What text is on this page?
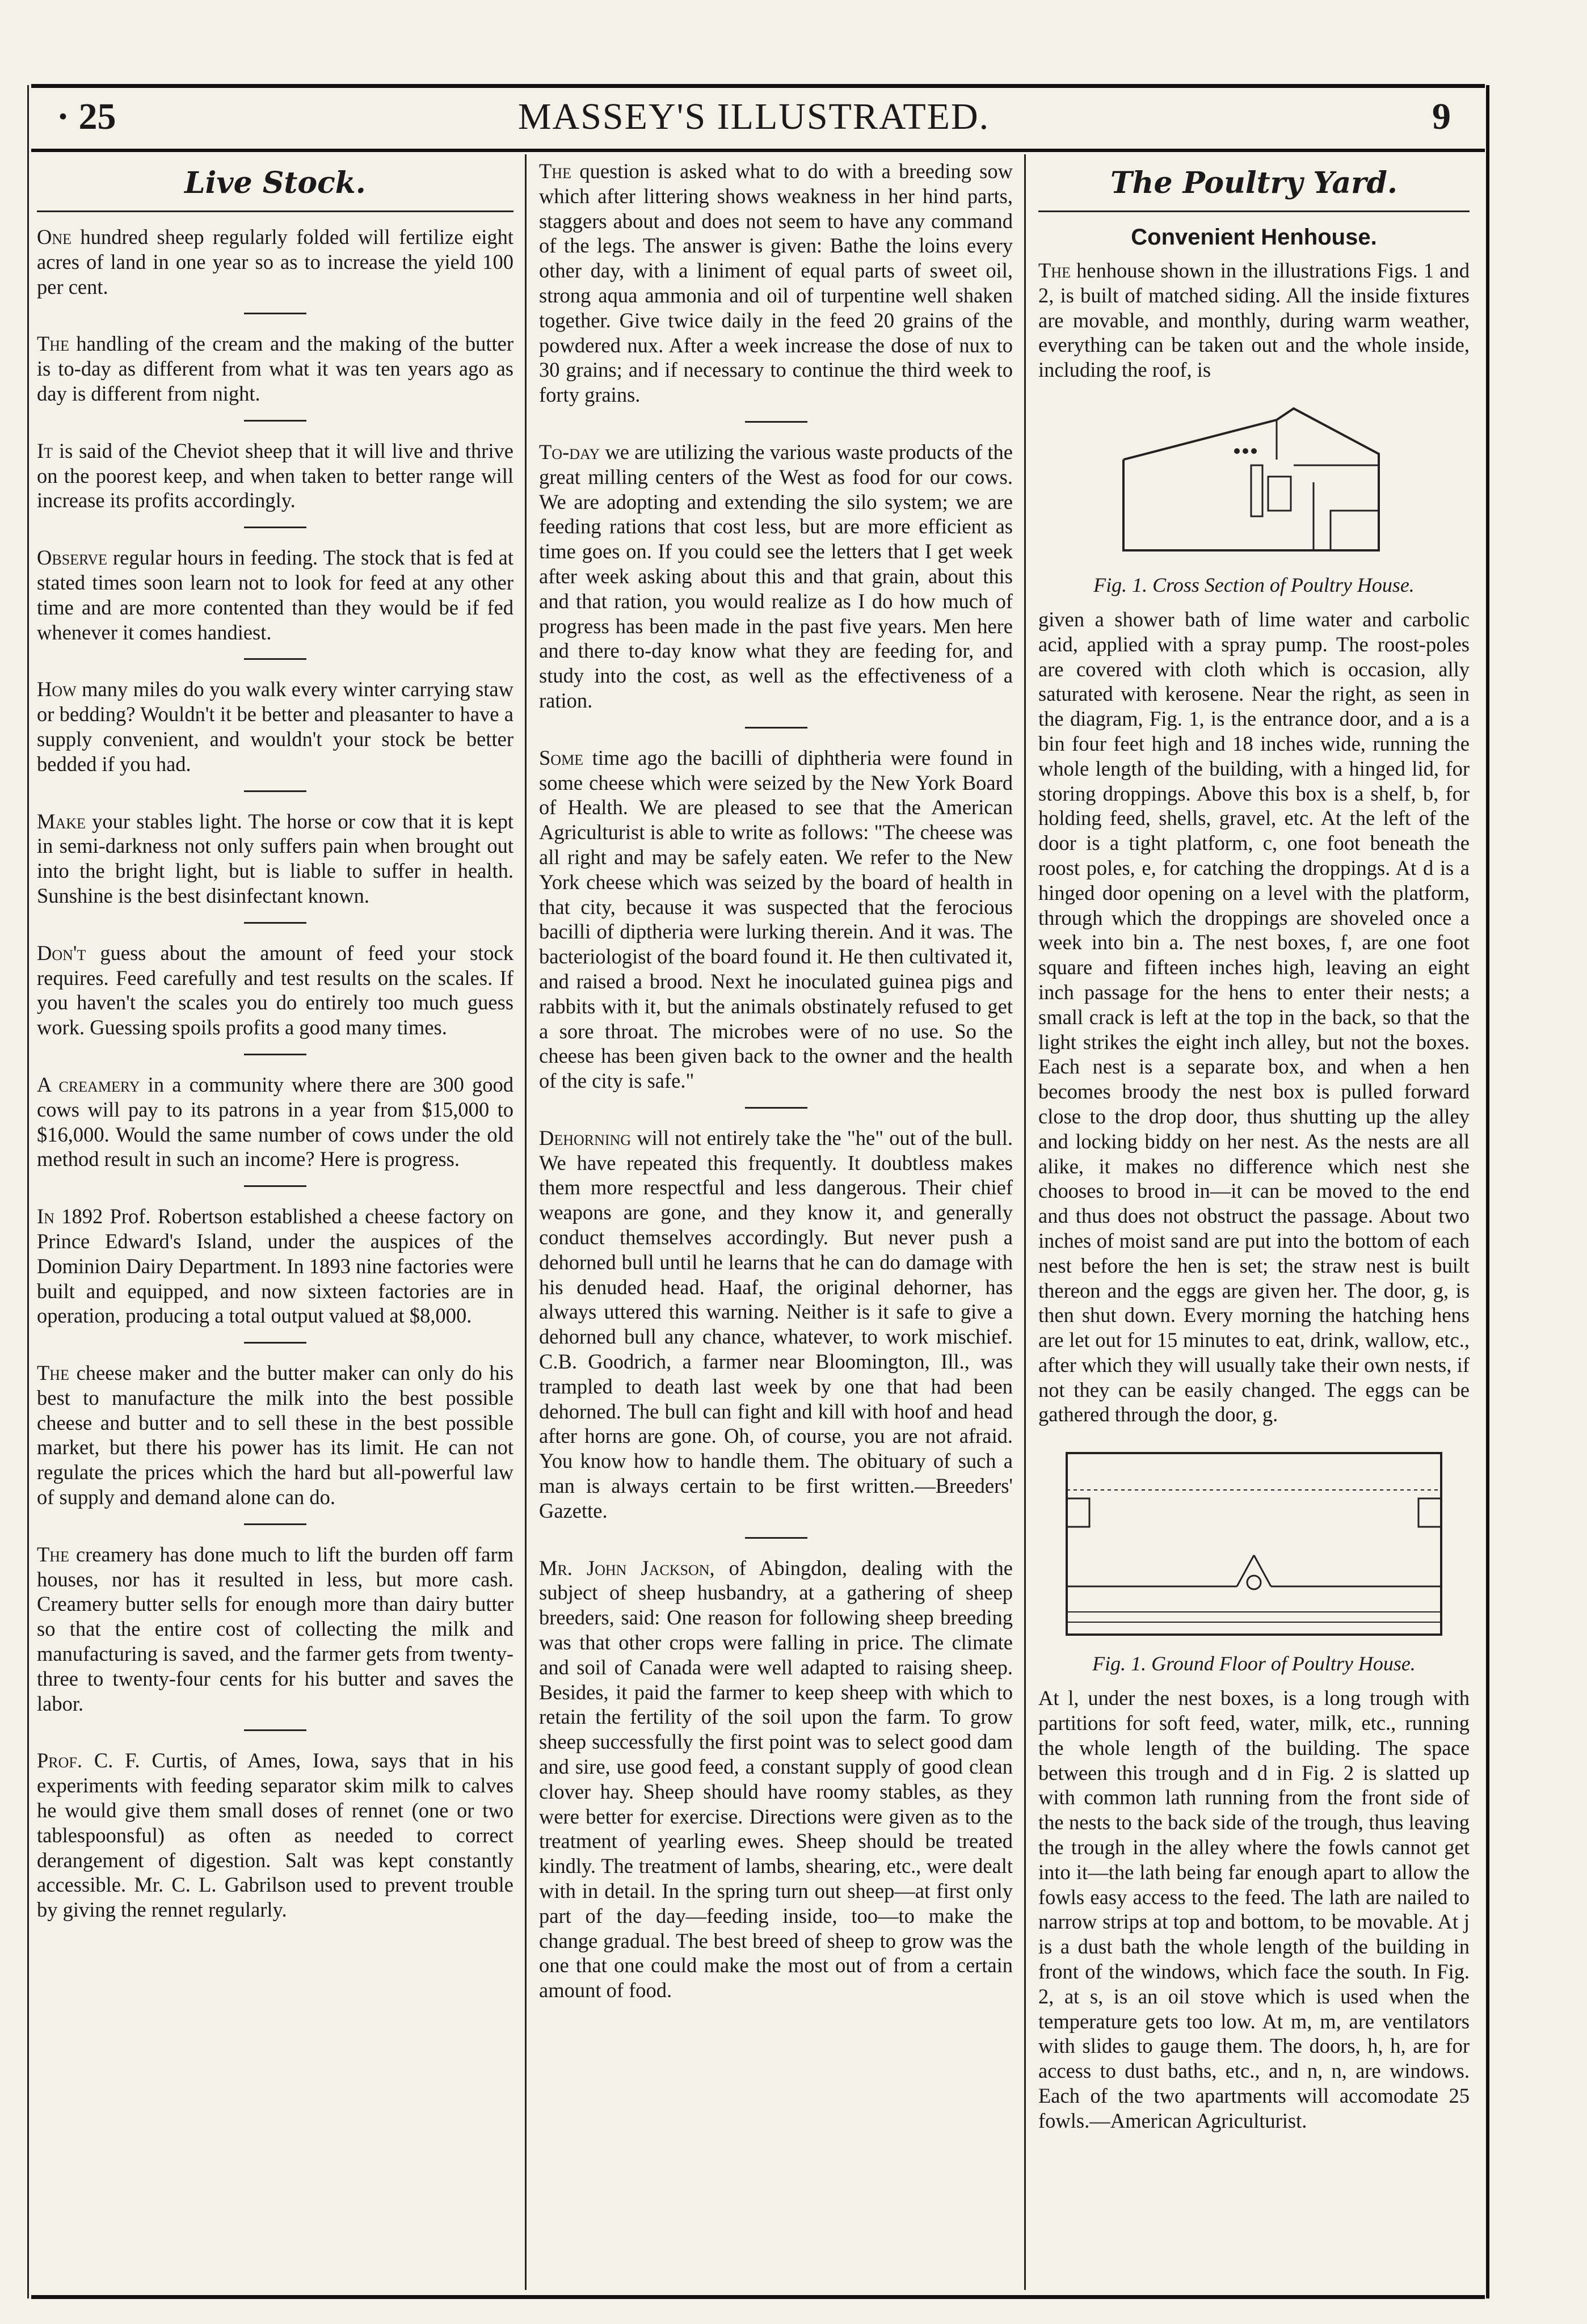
· 25	MASSEY'S ILLUSTRATED.	9
Live Stock.

One hundred sheep regularly folded will fertilize eight acres of land in one year so as to increase the yield 100 per cent.

The handling of the cream and the making of the butter is to-day as different from what it was ten years ago as day is different from night.

It is said of the Cheviot sheep that it will live and thrive on the poorest keep, and when taken to better range will increase its profits accordingly.

Observe regular hours in feeding. The stock that is fed at stated times soon learn not to look for feed at any other time and are more contented than they would be if fed whenever it comes handiest.

How many miles do you walk every winter carrying staw or bedding? Wouldn't it be better and pleasanter to have a supply convenient, and wouldn't your stock be better bedded if you had.

Make your stables light. The horse or cow that it is kept in semi-darkness not only suffers pain when brought out into the bright light, but is liable to suffer in health. Sunshine is the best disinfectant known.

Don't guess about the amount of feed your stock requires. Feed carefully and test results on the scales. If you haven't the scales you do entirely too much guess work. Guessing spoils profits a good many times.

A creamery in a community where there are 300 good cows will pay to its patrons in a year from $15,000 to $16,000. Would the same number of cows under the old method result in such an income? Here is progress.

In 1892 Prof. Robertson established a cheese factory on Prince Edward's Island, under the auspices of the Dominion Dairy Department. In 1893 nine factories were built and equipped, and now sixteen factories are in operation, producing a total output valued at $8,000.

The cheese maker and the butter maker can only do his best to manufacture the milk into the best possible cheese and butter and to sell these in the best possible market, but there his power has its limit. He can not regulate the prices which the hard but all-powerful law of supply and demand alone can do.

The creamery has done much to lift the burden off farm houses, nor has it resulted in less, but more cash. Creamery butter sells for enough more than dairy butter so that the entire cost of collecting the milk and manufacturing is saved, and the farmer gets from twenty-three to twenty-four cents for his butter and saves the labor.

Prof. C. F. Curtis, of Ames, Iowa, says that in his experiments with feeding separator skim milk to calves he would give them small doses of rennet (one or two tablespoonsful) as often as needed to correct derangement of digestion. Salt was kept constantly accessible. Mr. C. L. Gabrilson used to prevent trouble by giving the rennet regularly.

The question is asked what to do with a breeding sow which after littering shows weakness in her hind parts, staggers about and does not seem to have any command of the legs. The answer is given: Bathe the loins every other day, with a liniment of equal parts of sweet oil, strong aqua ammonia and oil of turpentine well shaken together. Give twice daily in the feed 20 grains of the powdered nux. After a week increase the dose of nux to 30 grains; and if necessary to continue the third week to forty grains.

To-day we are utilizing the various waste products of the great milling centers of the West as food for our cows. We are adopting and extending the silo system; we are feeding rations that cost less, but are more efficient as time goes on. If you could see the letters that I get week after week asking about this and that grain, about this and that ration, you would realize as I do how much of progress has been made in the past five years. Men here and there to-day know what they are feeding for, and study into the cost, as well as the effectiveness of a ration.

Some time ago the bacilli of diphtheria were found in some cheese which were seized by the New York Board of Health. We are pleased to see that the American Agriculturist is able to write as follows: "The cheese was all right and may be safely eaten. We refer to the New York cheese which was seized by the board of health in that city, because it was suspected that the ferocious bacilli of diptheria were lurking therein. And it was. The bacteriologist of the board found it. He then cultivated it, and raised a brood. Next he inoculated guinea pigs and rabbits with it, but the animals obstinately refused to get a sore throat. The microbes were of no use. So the cheese has been given back to the owner and the health of the city is safe."

Dehorning will not entirely take the "he" out of the bull. We have repeated this frequently. It doubtless makes them more respectful and less dangerous. Their chief weapons are gone, and they know it, and generally conduct themselves accordingly. But never push a dehorned bull until he learns that he can do damage with his denuded head. Haaf, the original dehorner, has always uttered this warning. Neither is it safe to give a dehorned bull any chance, whatever, to work mischief. C.B. Goodrich, a farmer near Bloomington, Ill., was trampled to death last week by one that had been dehorned. The bull can fight and kill with hoof and head after horns are gone. Oh, of course, you are not afraid. You know how to handle them. The obituary of such a man is always certain to be first written.—Breeders' Gazette.

Mr. John Jackson, of Abingdon, dealing with the subject of sheep husbandry, at a gathering of sheep breeders, said: One reason for following sheep breeding was that other crops were falling in price. The climate and soil of Canada were well adapted to raising sheep. Besides, it paid the farmer to keep sheep with which to retain the fertility of the soil upon the farm. To grow sheep successfully the first point was to select good dam and sire, use good feed, a constant supply of good clean clover hay. Sheep should have roomy stables, as they were better for exercise. Directions were given as to the treatment of yearling ewes. Sheep should be treated kindly. The treatment of lambs, shearing, etc., were dealt with in detail. In the spring turn out sheep—at first only part of the day—feeding inside, too—to make the change gradual. The best breed of sheep to grow was the one that one could make the most out of from a certain amount of food.

The Poultry Yard.
Convenient Henhouse.

The henhouse shown in the illustrations Figs. 1 and 2, is built of matched siding. All the inside fixtures are movable, and monthly, during warm weather, everything can be taken out and the whole inside, including the roof, is

Fig. 1. Cross Section of Poultry House.

given a shower bath of lime water and carbolic acid, applied with a spray pump. The roost-poles are covered with cloth which is occasion, ally saturated with kerosene. Near the right, as seen in the diagram, Fig. 1, is the entrance door, and a is a bin four feet high and 18 inches wide, running the whole length of the building, with a hinged lid, for storing droppings. Above this box is a shelf, b, for holding feed, shells, gravel, etc. At the left of the door is a tight platform, c, one foot beneath the roost poles, e, for catching the droppings. At d is a hinged door opening on a level with the platform, through which the droppings are shoveled once a week into bin a. The nest boxes, f, are one foot square and fifteen inches high, leaving an eight inch passage for the hens to enter their nests; a small crack is left at the top in the back, so that the light strikes the eight inch alley, but not the boxes. Each nest is a separate box, and when a hen becomes broody the nest box is pulled forward close to the drop door, thus shutting up the alley and locking biddy on her nest. As the nests are all alike, it makes no difference which nest she chooses to brood in—it can be moved to the end and thus does not obstruct the passage. About two inches of moist sand are put into the bottom of each nest before the hen is set; the straw nest is built thereon and the eggs are given her. The door, g, is then shut down. Every morning the hatching hens are let out for 15 minutes to eat, drink, wallow, etc., after which they will usually take their own nests, if not they can be easily changed. The eggs can be gathered through the door, g.

Fig. 1. Ground Floor of Poultry House.

At l, under the nest boxes, is a long trough with partitions for soft feed, water, milk, etc., running the whole length of the building. The space between this trough and d in Fig. 2 is slatted up with common lath running from the front side of the nests to the back side of the trough, thus leaving the trough in the alley where the fowls cannot get into it—the lath being far enough apart to allow the fowls easy access to the feed. The lath are nailed to narrow strips at top and bottom, to be movable. At j is a dust bath the whole length of the building in front of the windows, which face the south. In Fig. 2, at s, is an oil stove which is used when the temperature gets too low. At m, m, are ventilators with slides to gauge them. The doors, h, h, are for access to dust baths, etc., and n, n, are windows. Each of the two apartments will accomodate 25 fowls.—American Agriculturist.
